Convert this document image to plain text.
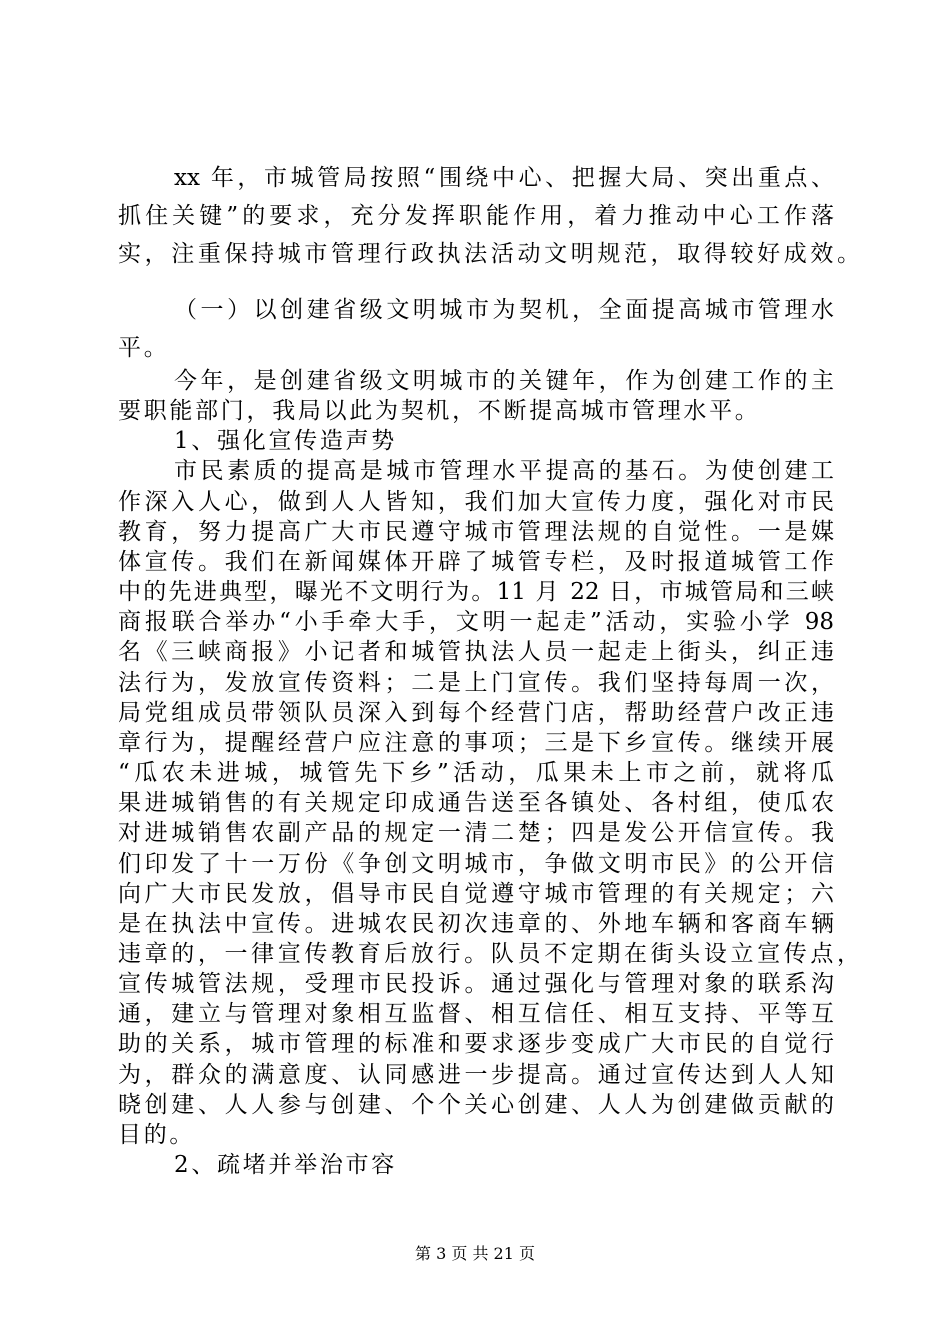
xx 年，市城管局按照“围绕中心、把握大局、突出重点、
抓住关键”的要求，充分发挥职能作用，着力推动中心工作落
实，注重保持城市管理行政执法活动文明规范，取得较好成效。
（一）以创建省级文明城市为契机，全面提高城市管理水
平。
今年，是创建省级文明城市的关键年，作为创建工作的主
要职能部门，我局以此为契机，不断提高城市管理水平。
1、强化宣传造声势
市民素质的提高是城市管理水平提高的基石。为使创建工
作深入人心，做到人人皆知，我们加大宣传力度，强化对市民
教育，努力提高广大市民遵守城市管理法规的自觉性。一是媒
体宣传。我们在新闻媒体开辟了城管专栏，及时报道城管工作
中的先进典型，曝光不文明行为。11 月 22 日，市城管局和三峡
商报联合举办“小手牵大手，文明一起走”活动，实验小学 98
名《三峡商报》小记者和城管执法人员一起走上街头，纠正违
法行为，发放宣传资料；二是上门宣传。我们坚持每周一次，
局党组成员带领队员深入到每个经营门店，帮助经营户改正违
章行为，提醒经营户应注意的事项；三是下乡宣传。继续开展
“瓜农未进城，城管先下乡”活动，瓜果未上市之前，就将瓜
果进城销售的有关规定印成通告送至各镇处、各村组，使瓜农
对进城销售农副产品的规定一清二楚；四是发公开信宣传。我
们印发了十一万份《争创文明城市，争做文明市民》的公开信
向广大市民发放，倡导市民自觉遵守城市管理的有关规定；六
是在执法中宣传。进城农民初次违章的、外地车辆和客商车辆
违章的，一律宣传教育后放行。队员不定期在街头设立宣传点，
宣传城管法规，受理市民投诉。通过强化与管理对象的联系沟
通，建立与管理对象相互监督、相互信任、相互支持、平等互
助的关系，城市管理的标准和要求逐步变成广大市民的自觉行
为，群众的满意度、认同感进一步提高。通过宣传达到人人知
晓创建、人人参与创建、个个关心创建、人人为创建做贡献的
目的。
2、疏堵并举治市容
第 3 页 共 21 页
